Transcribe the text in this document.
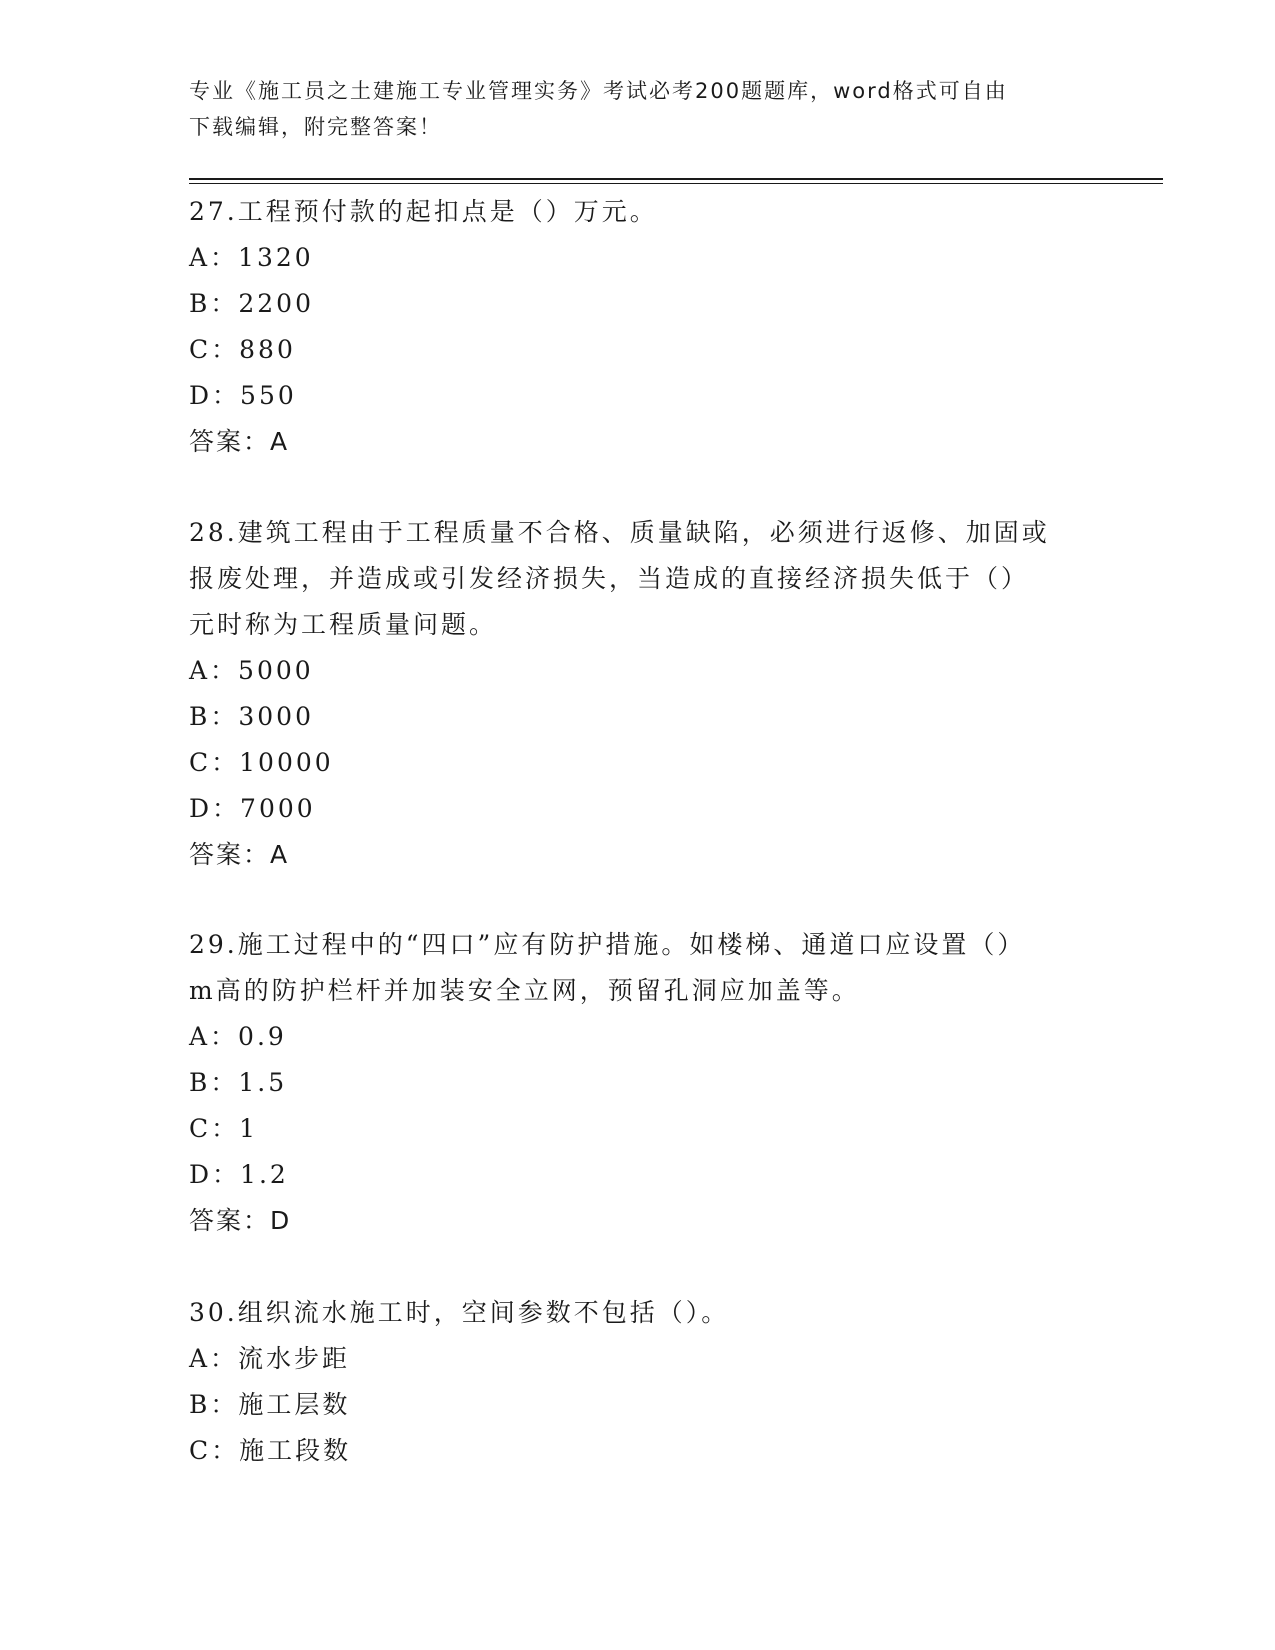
专业《施工员之土建施工专业管理实务》考试必考200题题库，word格式可自由
下载编辑，附完整答案！

27.工程预付款的起扣点是（）万元。

A：1320

B：2200

C：880

D：550

答案：A

28.建筑工程由于工程质量不合格、质量缺陷，必须进行返修、加固或

报废处理，并造成或引发经济损失，当造成的直接经济损失低于（）

元时称为工程质量问题。

A：5000

B：3000

C：10000

D：7000

答案：A

29.施工过程中的“四口”应有防护措施。如楼梯、通道口应设置（）

m高的防护栏杆并加装安全立网，预留孔洞应加盖等。

A：0.9

B：1.5

C：1

D：1.2

答案：D

30.组织流水施工时，空间参数不包括（）。

A：流水步距

B：施工层数

C：施工段数
